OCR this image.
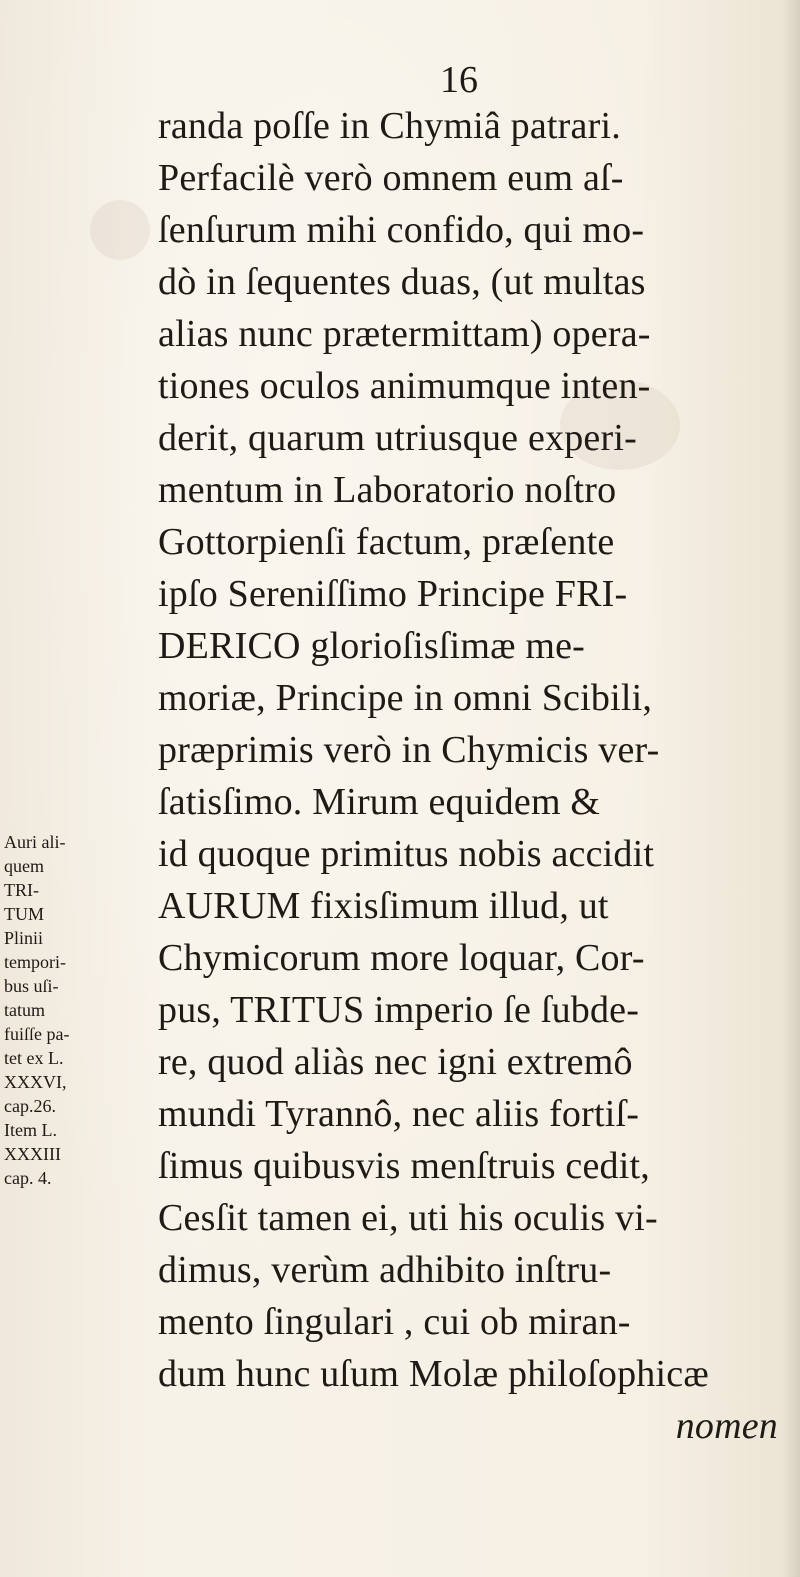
16
randa poſſe in Chymiâ patrari.
Perfacilè verò omnem eum aſ-
ſenſurum mihi confido, qui mo-
dò in ſequentes duas, (ut multas
alias nunc prætermittam) opera-
tiones oculos animumque inten-
derit, quarum utriusque experi-
mentum in Laboratorio noſtro
Gottorpienſi factum, præſente
ipſo Sereniſſimo Principe FRI-
DERICO glorioſisſimæ me-
moriæ, Principe in omni Scibili,
præprimis verò in Chymicis ver-
ſatisſimo. Mirum equidem &
id quoque primitus nobis accidit
AURUM fixisſimum illud, ut
Chymicorum more loquar, Cor-
pus, TRITUS imperio ſe ſubde-
re, quod aliàs nec igni extremô
mundi Tyrannô, nec aliis fortiſ-
ſimus quibusvis menſtruis cedit,
Cesſit tamen ei, uti his oculis vi-
dimus, verùm adhibito inſtru-
mento ſingulari , cui ob miran-
dum hunc uſum Molæ philoſophicæ
nomen
Auri ali-
quem
TRI-
TUM
Plinii
tempori-
bus uſi-
tatum
fuiſſe pa-
tet ex L.
XXXVI,
cap.26.
Item L.
XXXIII
cap. 4.
